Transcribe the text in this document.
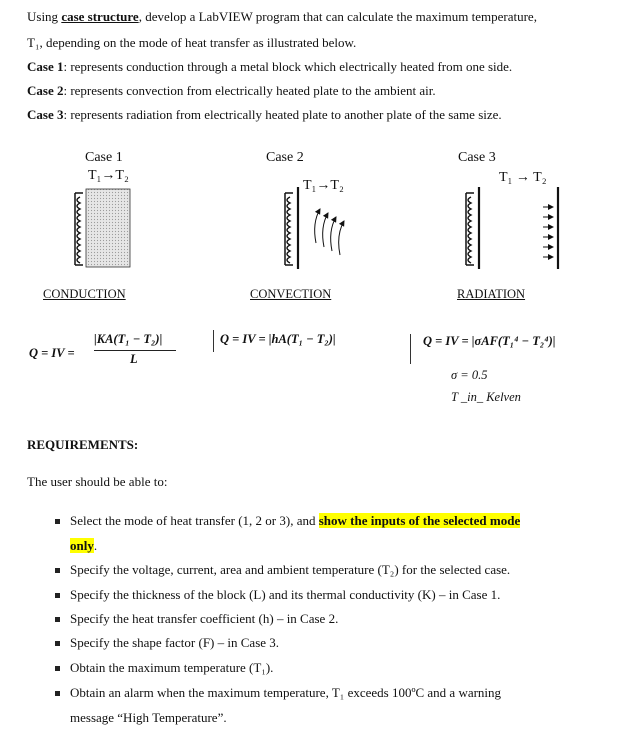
Using case structure, develop a LabVIEW program that can calculate the maximum temperature,
T₁, depending on the mode of heat transfer as illustrated below.
Case 1: represents conduction through a metal block which electrically heated from one side.
Case 2: represents convection from electrically heated plate to the ambient air.
Case 3: represents radiation from electrically heated plate to another plate of the same size.
Case 1	Case 2	Case 3
T₁→T₂
T₁→T₂
T₁ → T₂
CONDUCTION	CONVECTION	RADIATION
Q = IV =
|KA(T₁ − T₂)|
L
Q = IV = |hA(T₁ − T₂)|	Q = IV = |σAF(T₁⁴ − T₂⁴)|
σ = 0.5
T _in_ Kelven
REQUIREMENTS:
The user should be able to:
Select the mode of heat transfer (1, 2 or 3), and show the inputs of the selected mode
only.
Specify the voltage, current, area and ambient temperature (T₂) for the selected case.
Specify the thickness of the block (L) and its thermal conductivity (K) – in Case 1.
Specify the heat transfer coefficient (h) – in Case 2.
Specify the shape factor (F) – in Case 3.
Obtain the maximum temperature (T₁).
Obtain an alarm when the maximum temperature, T₁ exceeds 100ºC and a warning
message “High Temperature”.
